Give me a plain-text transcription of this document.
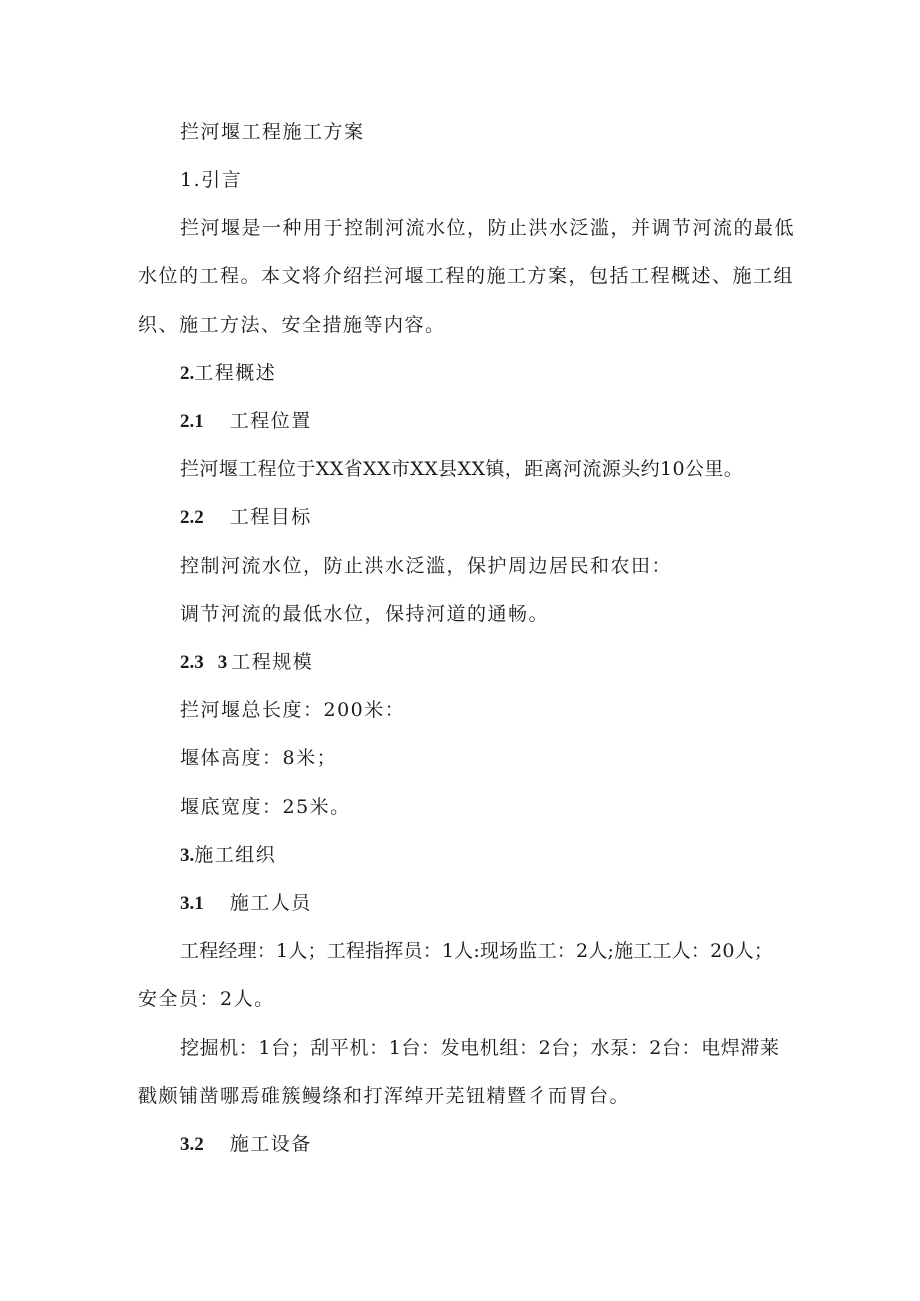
拦河堰工程施工方案
1.引言
拦河堰是一种用于控制河流水位，防止洪水泛滥，并调节河流的最低
水位的工程。本文将介绍拦河堰工程的施工方案，包括工程概述、施工组
织、施工方法、安全措施等内容。
2.工程概述
2.1 工程位置
拦河堰工程位于XX省XX市XX县XX镇，距离河流源头约10公里。
2.2 工程目标
控制河流水位，防止洪水泛滥，保护周边居民和农田：
调节河流的最低水位，保持河道的通畅。
2.3 3 工程规模
拦河堰总长度：200米：
堰体高度：8米；
堰底宽度：25米。
3.施工组织
3.1 施工人员
工程经理：1人；工程指挥员：1人:现场监工：2人;施工工人：20人；
安全员：2人。
挖掘机：1台；刮平机：1台：发电机组：2台；水泵：2台：电焊滞莱
戳颇铺凿哪焉碓簇鳗绦和打浑绰开芜钮精暨彳而胃台。
3.2 施工设备
